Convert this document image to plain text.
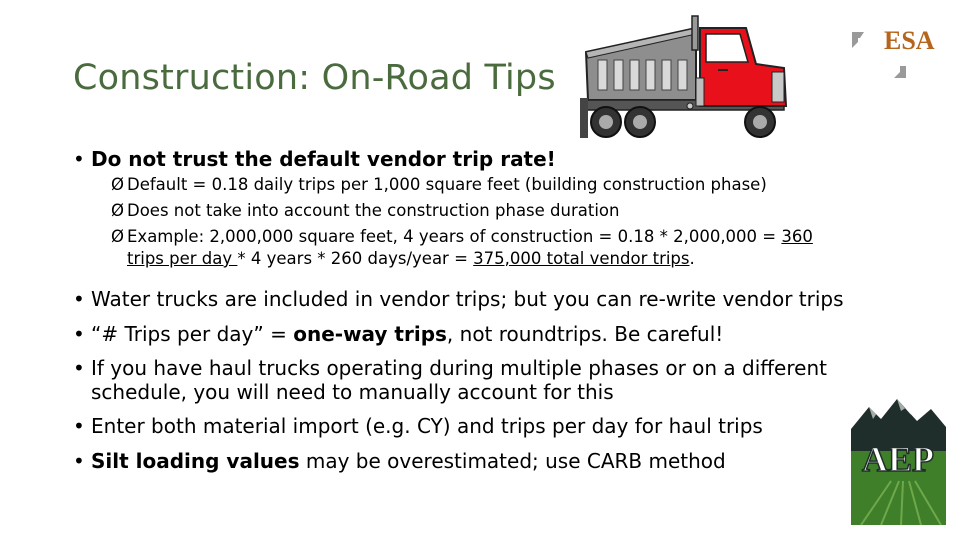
Construction: On-Road Tips
ESA
AEP
• Do not trust the default vendor trip rate!
Ø Default = 0.18 daily trips per 1,000 square feet (building construction phase)
Ø Does not take into account the construction phase duration
Ø Example: 2,000,000 square feet, 4 years of construction = 0.18 * 2,000,000 = 360
trips per day * 4 years * 260 days/year = 375,000 total vendor trips.
• Water trucks are included in vendor trips; but you can re-write vendor trips
• “# Trips per day” = one-way trips, not roundtrips. Be careful!
• If you have haul trucks operating during multiple phases or on a different
schedule, you will need to manually account for this
• Enter both material import (e.g. CY) and trips per day for haul trips
• Silt loading values may be overestimated; use CARB method
